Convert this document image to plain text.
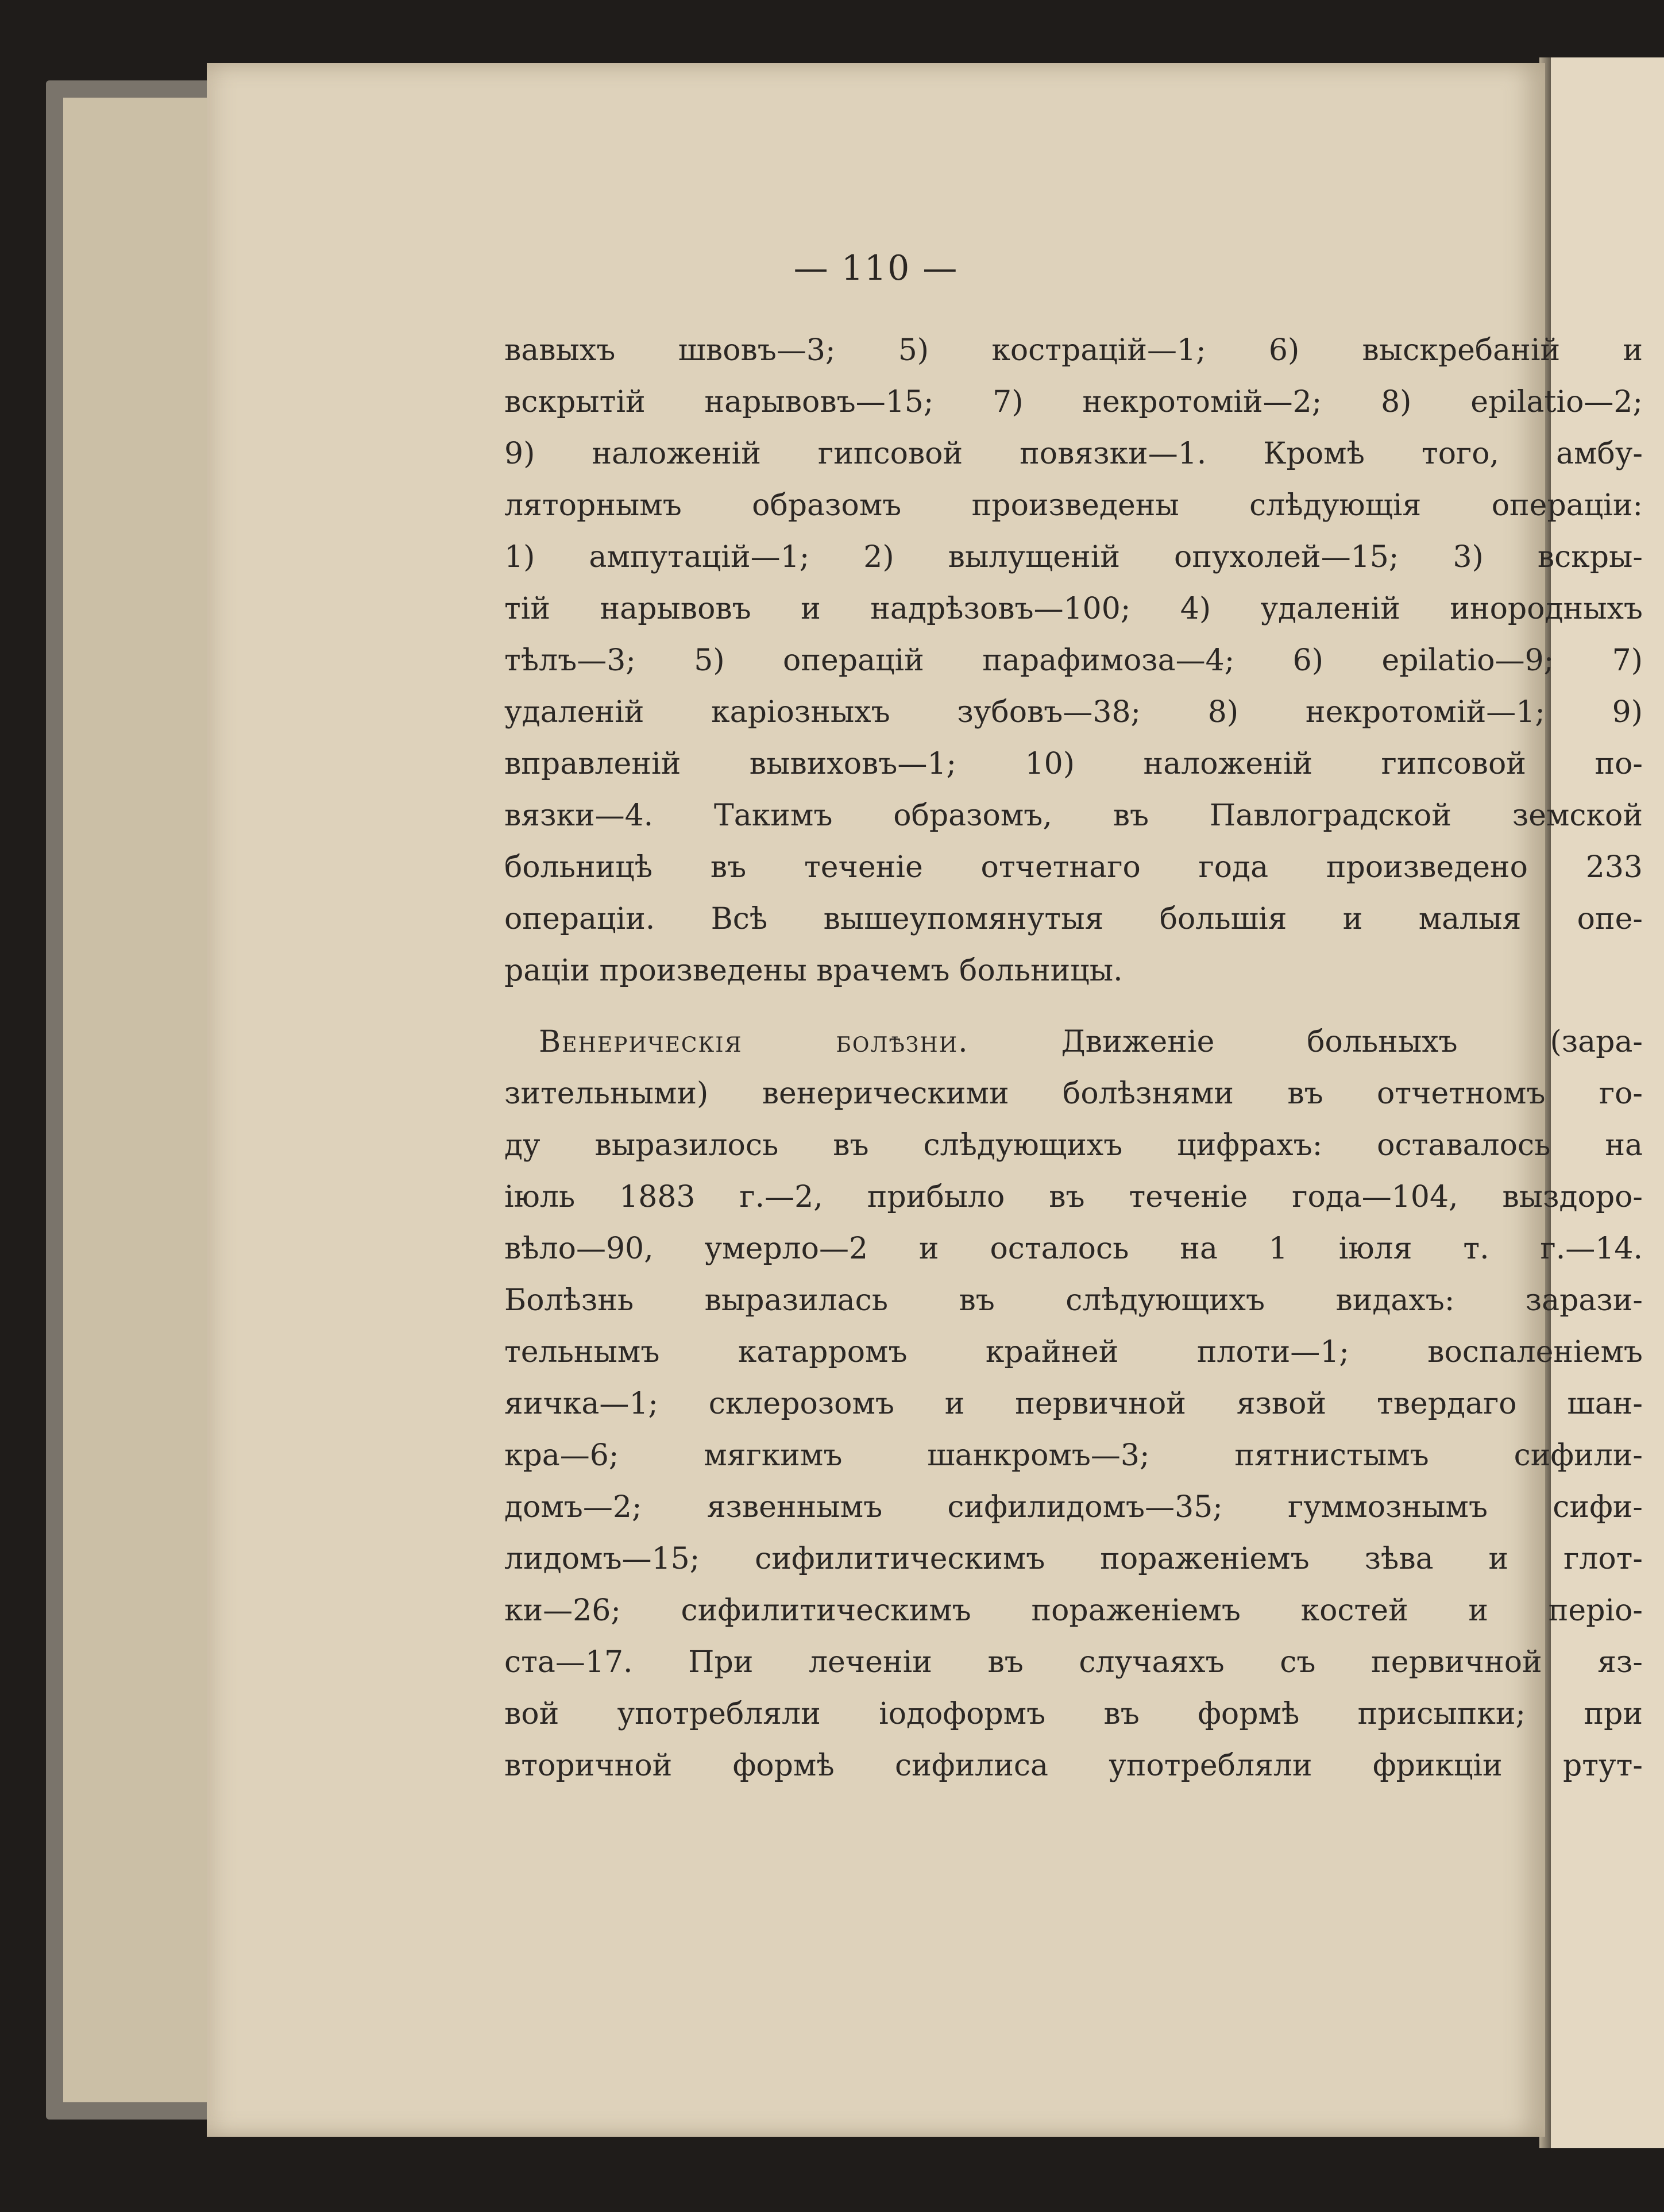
— 110 —
вавыхъ швовъ—3; 5) кострацій—1; 6) выскребаній и
вскрытій нарывовъ—15; 7) некротомій—2; 8) epilatio—2;
9) наложеній гипсовой повязки—1. Кромѣ того, амбу-
ляторнымъ образомъ произведены слѣдующія операціи:
1) ампутацій—1; 2) вылущеній опухолей—15; 3) вскры-
тій нарывовъ и надрѣзовъ—100; 4) удаленій инородныхъ
тѣлъ—3; 5) операцій парафимоза—4; 6) epilatio—9; 7)
удаленій каріозныхъ зубовъ—38; 8) некротомій—1; 9)
вправленій вывиховъ—1; 10) наложеній гипсовой по-
вязки—4. Такимъ образомъ, въ Павлоградской земской
больницѣ въ теченіе отчетнаго года произведено 233
операціи. Всѣ вышеупомянутыя большія и малыя опе-
раціи произведены врачемъ больницы.
Венерическія болѣзни.	Движеніе больныхъ (зара-
зительными) венерическими болѣзнями въ отчетномъ го-
ду выразилось въ слѣдующихъ цифрахъ: оставалось на
іюль 1883 г.—2, прибыло въ теченіе года—104, выздоро-
вѣло—90, умерло—2 и осталось на 1 іюля т. г.—14.
Болѣзнь выразилась въ слѣдующихъ видахъ: зарази-
тельнымъ катарромъ крайней плоти—1; воспаленіемъ
яичка—1; склерозомъ и первичной язвой твердаго шан-
кра—6; мягкимъ шанкромъ—3; пятнистымъ сифили-
домъ—2; язвеннымъ сифилидомъ—35; гуммознымъ сифи-
лидомъ—15; сифилитическимъ пораженіемъ зѣва и глот-
ки—26; сифилитическимъ пораженіемъ костей и періо-
ста—17. При леченіи въ случаяхъ съ первичной яз-
вой употребляли іодоформъ въ формѣ присыпки; при
вторичной формѣ сифилиса употребляли фрикціи ртут-
